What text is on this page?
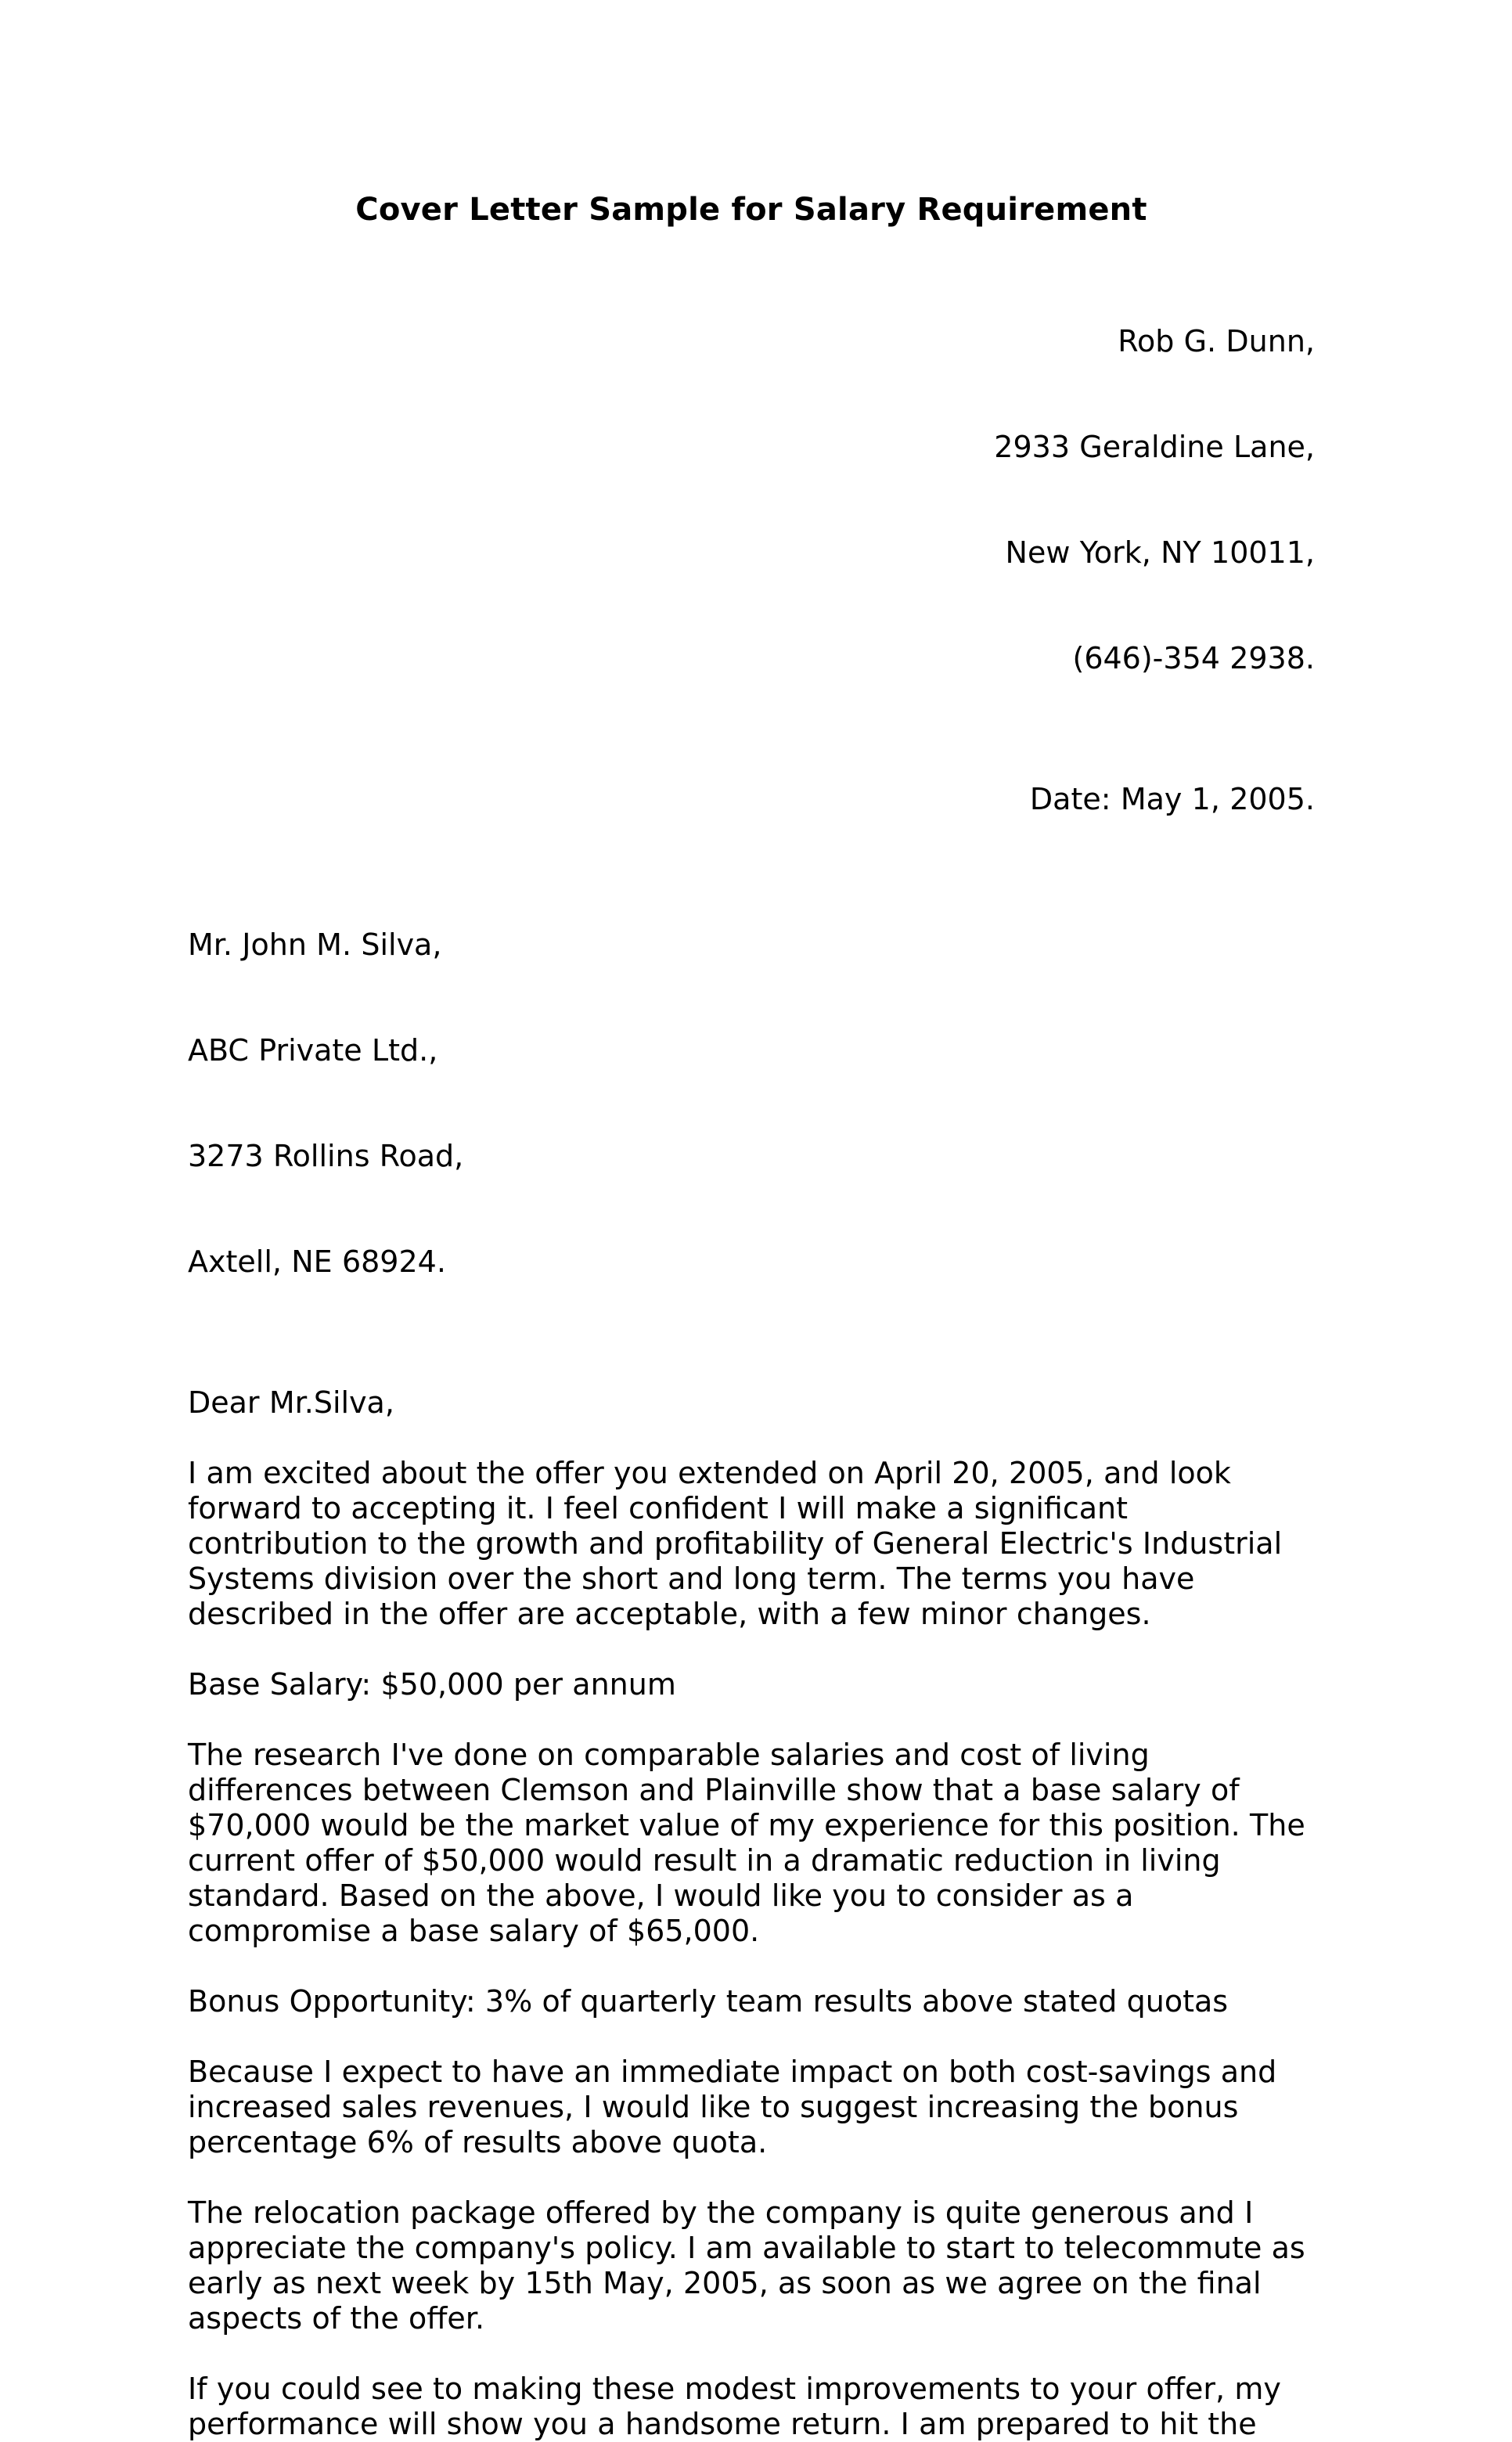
Cover Letter Sample for Salary Requirement

Rob G. Dunn,

2933 Geraldine Lane,

New York, NY 10011,

(646)-354 2938.

Date: May 1, 2005.

Mr. John M. Silva,

ABC Private Ltd.,

3273 Rollins Road,

Axtell, NE 68924.

Dear Mr.Silva,
I am excited about the offer you extended on April 20, 2005, and look forward to accepting it. I feel confident I will make a significant contribution to the growth and profitability of General Electric's Industrial Systems division over the short and long term. The terms you have described in the offer are acceptable, with a few minor changes.
Base Salary: $50,000 per annum
The research I've done on comparable salaries and cost of living differences between Clemson and Plainville show that a base salary of $70,000 would be the market value of my experience for this position. The current offer of $50,000 would result in a dramatic reduction in living standard. Based on the above, I would like you to consider as a compromise a base salary of $65,000.
Bonus Opportunity: 3% of quarterly team results above stated quotas
Because I expect to have an immediate impact on both cost-savings and increased sales revenues, I would like to suggest increasing the bonus percentage 6% of results above quota.
The relocation package offered by the company is quite generous and I appreciate the company's policy. I am available to start to telecommute as early as next week by 15th May, 2005, as soon as we agree on the final aspects of the offer.
If you could see to making these modest improvements to your offer, my performance will show you a handsome return. I am prepared to hit the
